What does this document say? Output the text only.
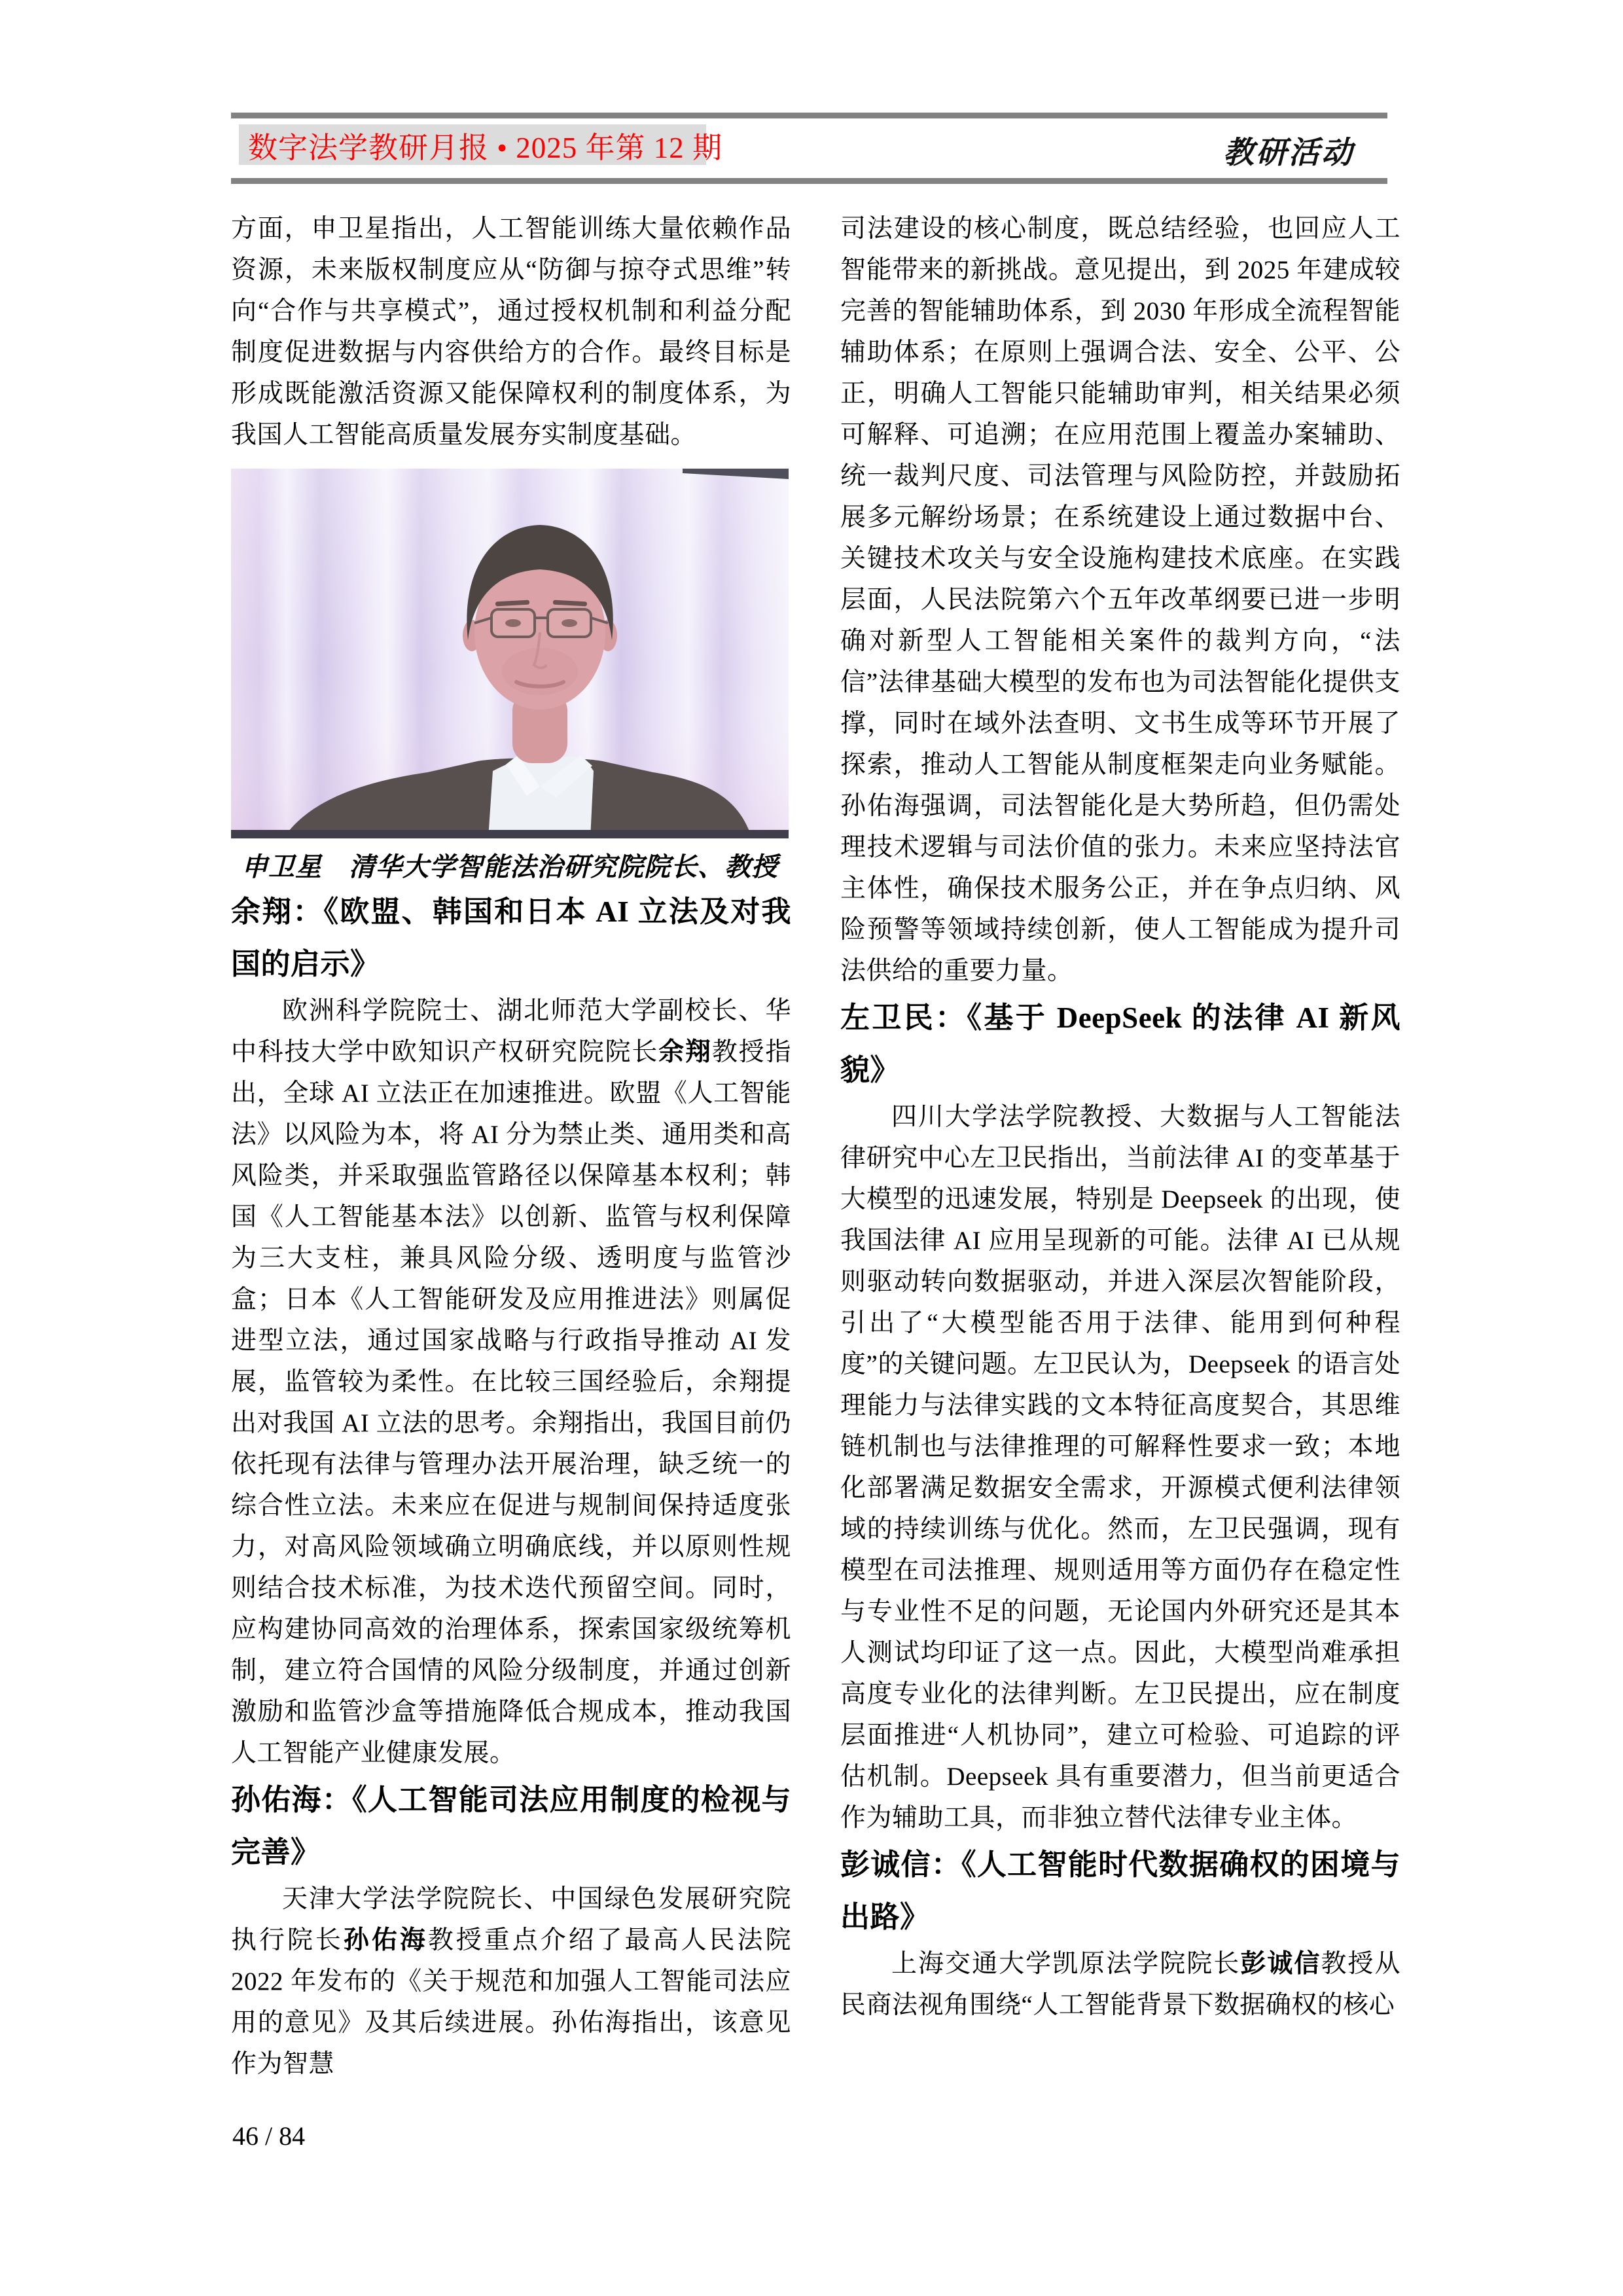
数字法学教研月报 • 2025 年第 12 期	教研活动

方面，申卫星指出，人工智能训练大量依赖作品资源，未来版权制度应从“防御与掠夺式思维”转向“合作与共享模式”，通过授权机制和利益分配制度促进数据与内容供给方的合作。最终目标是形成既能激活资源又能保障权利的制度体系，为我国人工智能高质量发展夯实制度基础。

申卫星　清华大学智能法治研究院院长、教授
余翔：《欧盟、韩国和日本 AI 立法及对我国的启示》

欧洲科学院院士、湖北师范大学副校长、华中科技大学中欧知识产权研究院院长余翔教授指出，全球 AI 立法正在加速推进。欧盟《人工智能法》以风险为本，将 AI 分为禁止类、通用类和高风险类，并采取强监管路径以保障基本权利；韩国《人工智能基本法》以创新、监管与权利保障为三大支柱，兼具风险分级、透明度与监管沙盒；日本《人工智能研发及应用推进法》则属促进型立法，通过国家战略与行政指导推动 AI 发展，监管较为柔性。在比较三国经验后，余翔提出对我国 AI 立法的思考。余翔指出，我国目前仍依托现有法律与管理办法开展治理，缺乏统一的综合性立法。未来应在促进与规制间保持适度张力，对高风险领域确立明确底线，并以原则性规则结合技术标准，为技术迭代预留空间。同时，应构建协同高效的治理体系，探索国家级统筹机制，建立符合国情的风险分级制度，并通过创新激励和监管沙盒等措施降低合规成本，推动我国人工智能产业健康发展。

孙佑海：《人工智能司法应用制度的检视与完善》

天津大学法学院院长、中国绿色发展研究院执行院长孙佑海教授重点介绍了最高人民法院 2022 年发布的《关于规范和加强人工智能司法应用的意见》及其后续进展。孙佑海指出，该意见作为智慧

司法建设的核心制度，既总结经验，也回应人工智能带来的新挑战。意见提出，到 2025 年建成较完善的智能辅助体系，到 2030 年形成全流程智能辅助体系；在原则上强调合法、安全、公平、公正，明确人工智能只能辅助审判，相关结果必须可解释、可追溯；在应用范围上覆盖办案辅助、统一裁判尺度、司法管理与风险防控，并鼓励拓展多元解纷场景；在系统建设上通过数据中台、关键技术攻关与安全设施构建技术底座。在实践层面，人民法院第六个五年改革纲要已进一步明确对新型人工智能相关案件的裁判方向，“法信”法律基础大模型的发布也为司法智能化提供支撑，同时在域外法查明、文书生成等环节开展了探索，推动人工智能从制度框架走向业务赋能。孙佑海强调，司法智能化是大势所趋，但仍需处理技术逻辑与司法价值的张力。未来应坚持法官主体性，确保技术服务公正，并在争点归纳、风险预警等领域持续创新，使人工智能成为提升司法供给的重要力量。

左卫民：《基于 DeepSeek 的法律 AI 新风貌》

四川大学法学院教授、大数据与人工智能法律研究中心左卫民指出，当前法律 AI 的变革基于大模型的迅速发展，特别是 Deepseek 的出现，使我国法律 AI 应用呈现新的可能。法律 AI 已从规则驱动转向数据驱动，并进入深层次智能阶段，引出了“大模型能否用于法律、能用到何种程度”的关键问题。左卫民认为，Deepseek 的语言处理能力与法律实践的文本特征高度契合，其思维链机制也与法律推理的可解释性要求一致；本地化部署满足数据安全需求，开源模式便利法律领域的持续训练与优化。然而，左卫民强调，现有模型在司法推理、规则适用等方面仍存在稳定性与专业性不足的问题，无论国内外研究还是其本人测试均印证了这一点。因此，大模型尚难承担高度专业化的法律判断。左卫民提出，应在制度层面推进“人机协同”，建立可检验、可追踪的评估机制。Deepseek 具有重要潜力，但当前更适合作为辅助工具，而非独立替代法律专业主体。

彭诚信：《人工智能时代数据确权的困境与出路》

上海交通大学凯原法学院院长彭诚信教授从民商法视角围绕“人工智能背景下数据确权的核心

46 / 84
